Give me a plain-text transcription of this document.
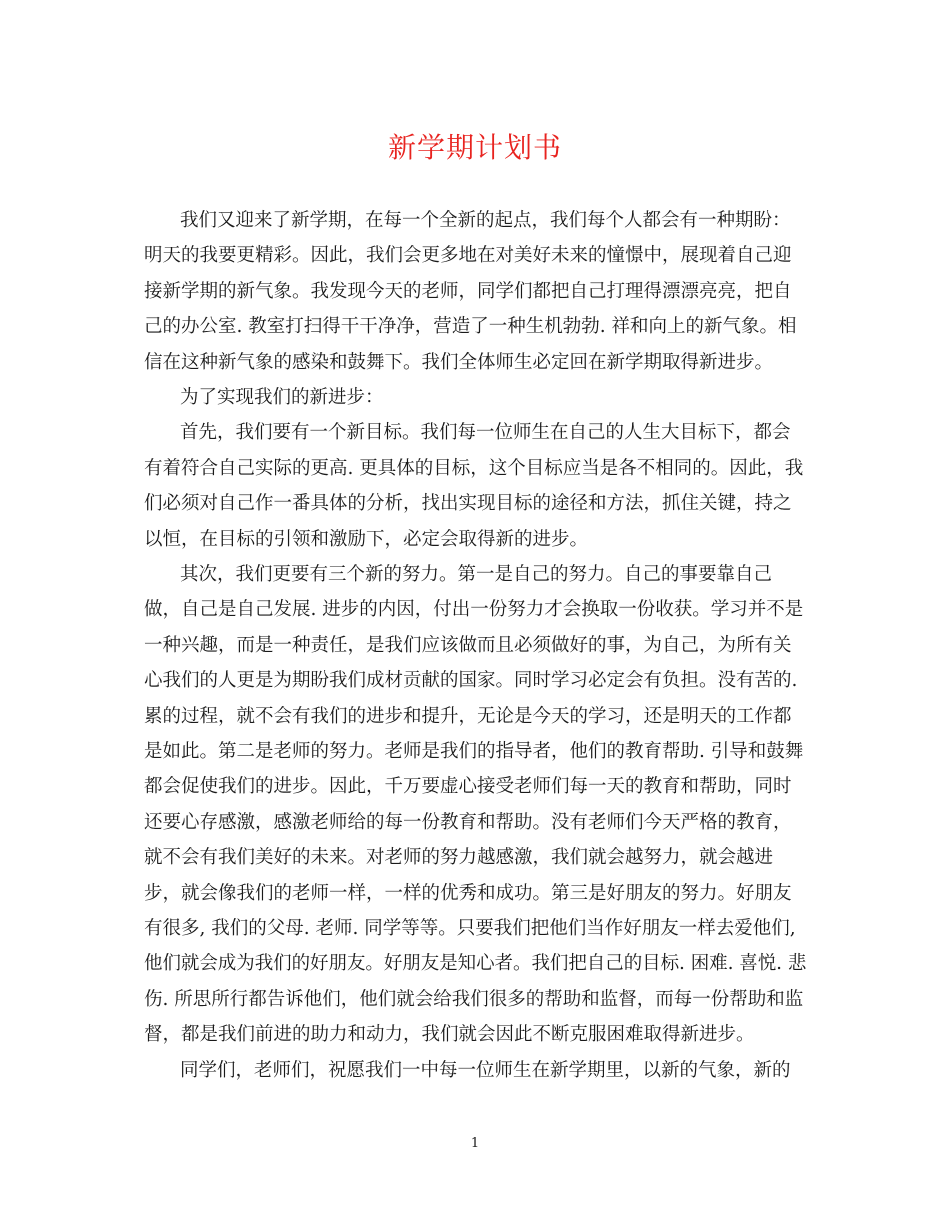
新学期计划书
我们又迎来了新学期，在每一个全新的起点，我们每个人都会有一种期盼：
明天的我要更精彩。因此，我们会更多地在对美好未来的憧憬中，展现着自己迎
接新学期的新气象。我发现今天的老师，同学们都把自己打理得漂漂亮亮，把自
己的办公室. 教室打扫得干干净净，营造了一种生机勃勃. 祥和向上的新气象。相
信在这种新气象的感染和鼓舞下。我们全体师生必定回在新学期取得新进步。
为了实现我们的新进步：
首先，我们要有一个新目标。我们每一位师生在自己的人生大目标下，都会
有着符合自己实际的更高. 更具体的目标，这个目标应当是各不相同的。因此，我
们必须对自己作一番具体的分析，找出实现目标的途径和方法，抓住关键，持之
以恒，在目标的引领和激励下，必定会取得新的进步。
其次，我们更要有三个新的努力。第一是自己的努力。自己的事要靠自己
做，自己是自己发展. 进步的内因，付出一份努力才会换取一份收获。学习并不是
一种兴趣，而是一种责任，是我们应该做而且必须做好的事，为自己，为所有关
心我们的人更是为期盼我们成材贡献的国家。同时学习必定会有负担。没有苦的.
累的过程，就不会有我们的进步和提升，无论是今天的学习，还是明天的工作都
是如此。第二是老师的努力。老师是我们的指导者，他们的教育帮助. 引导和鼓舞
都会促使我们的进步。因此，千万要虚心接受老师们每一天的教育和帮助，同时
还要心存感激，感激老师给的每一份教育和帮助。没有老师们今天严格的教育，
就不会有我们美好的未来。对老师的努力越感激，我们就会越努力，就会越进
步，就会像我们的老师一样，一样的优秀和成功。第三是好朋友的努力。好朋友
有很多, 我们的父母. 老师. 同学等等。只要我们把他们当作好朋友一样去爱他们,
他们就会成为我们的好朋友。好朋友是知心者。我们把自己的目标. 困难. 喜悦. 悲
伤. 所思所行都告诉他们，他们就会给我们很多的帮助和监督，而每一份帮助和监
督，都是我们前进的助力和动力，我们就会因此不断克服困难取得新进步。
同学们，老师们，祝愿我们一中每一位师生在新学期里，以新的气象，新的
1
